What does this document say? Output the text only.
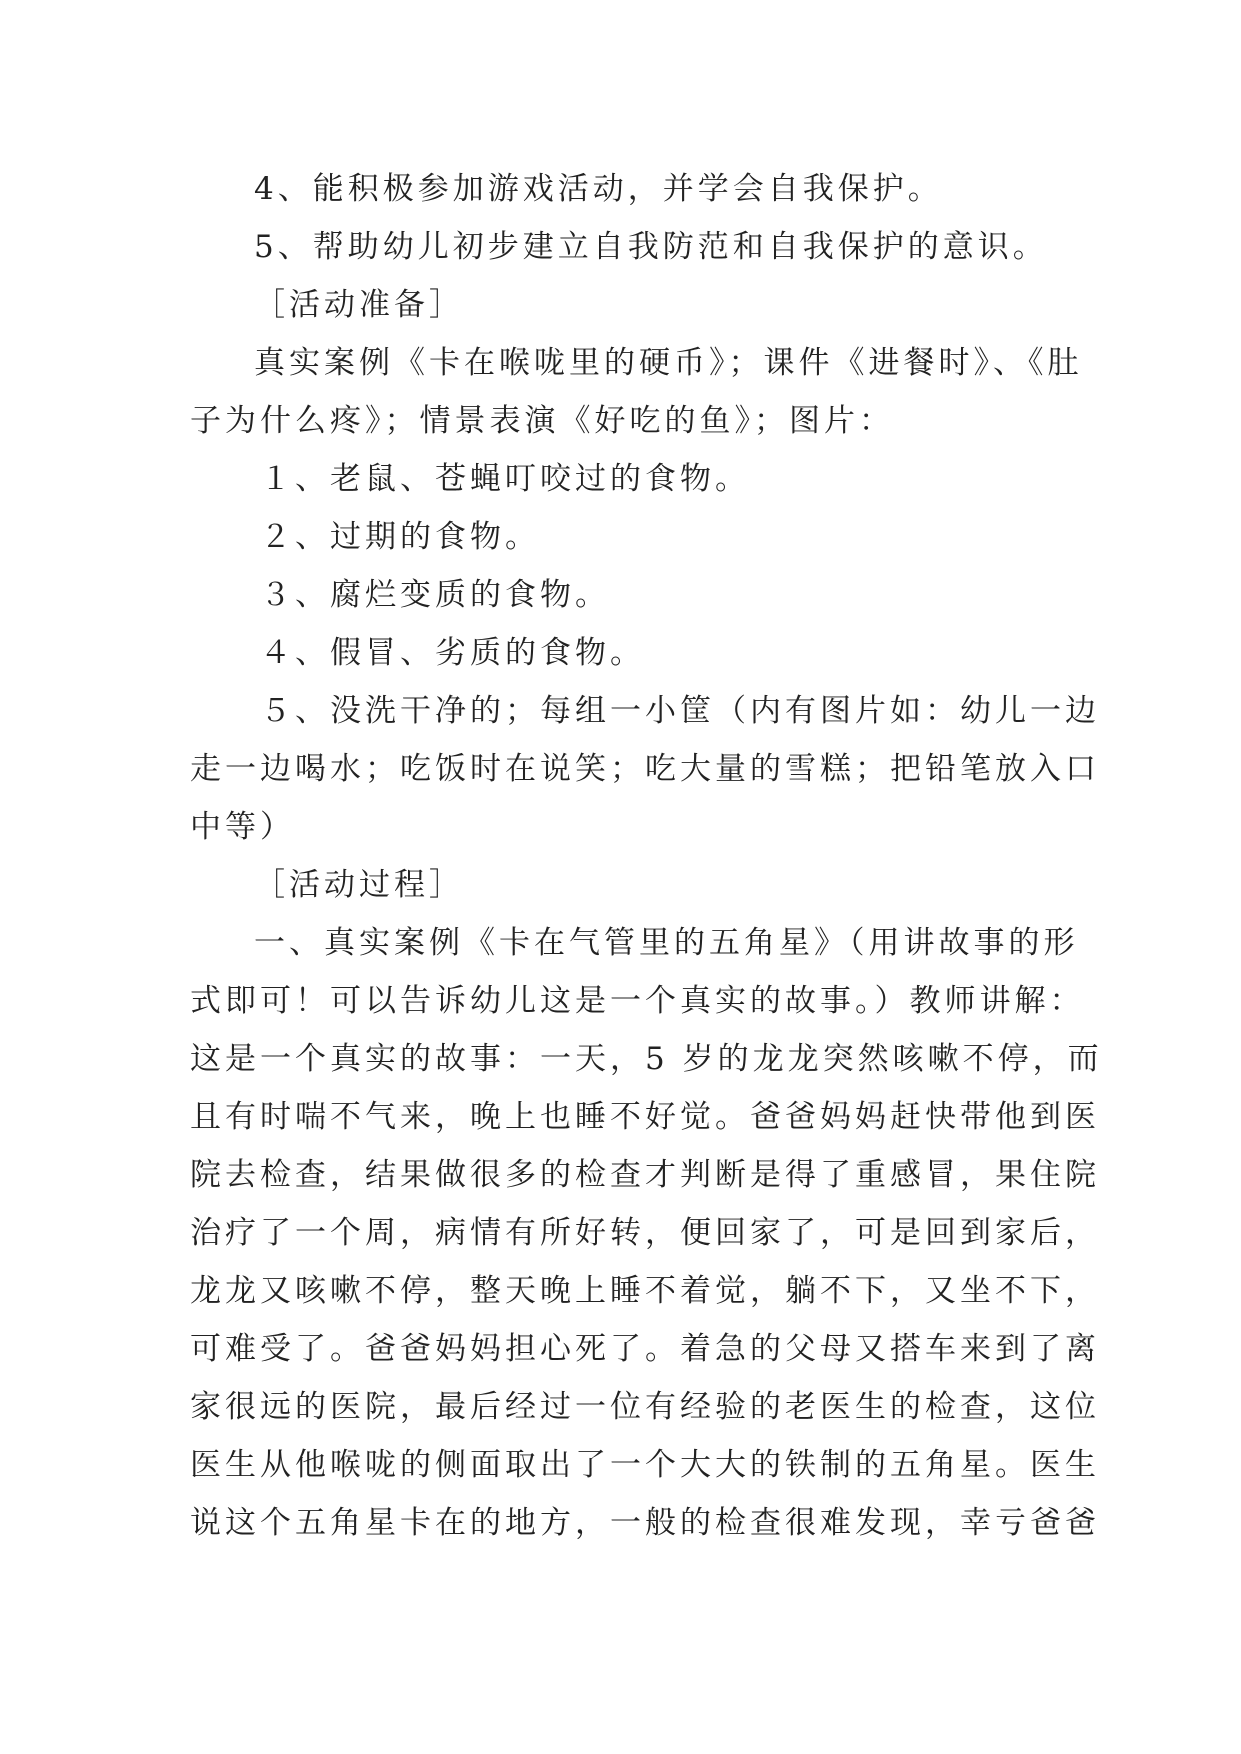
4、能积极参加游戏活动，并学会自我保护。
5、帮助幼儿初步建立自我防范和自我保护的意识。
［活动准备］
真实案例《卡在喉咙里的硬币》；课件《进餐时》、《肚
子为什么疼》；情景表演《好吃的鱼》；图片：
１、老鼠、苍蝇叮咬过的食物。
２、过期的食物。
３、腐烂变质的食物。
４、假冒、劣质的食物。
５、没洗干净的；每组一小筐（内有图片如：幼儿一边
走一边喝水；吃饭时在说笑；吃大量的雪糕；把铅笔放入口
中等）
［活动过程］
一、真实案例《卡在气管里的五角星》（用讲故事的形
式即可！可以告诉幼儿这是一个真实的故事。）教师讲解：
这是一个真实的故事：一天，5 岁的龙龙突然咳嗽不停，而
且有时喘不气来，晚上也睡不好觉。爸爸妈妈赶快带他到医
院去检查，结果做很多的检查才判断是得了重感冒，果住院
治疗了一个周，病情有所好转，便回家了，可是回到家后，
龙龙又咳嗽不停，整天晚上睡不着觉，躺不下，又坐不下，
可难受了。爸爸妈妈担心死了。着急的父母又搭车来到了离
家很远的医院，最后经过一位有经验的老医生的检查，这位
医生从他喉咙的侧面取出了一个大大的铁制的五角星。医生
说这个五角星卡在的地方，一般的检查很难发现，幸亏爸爸
